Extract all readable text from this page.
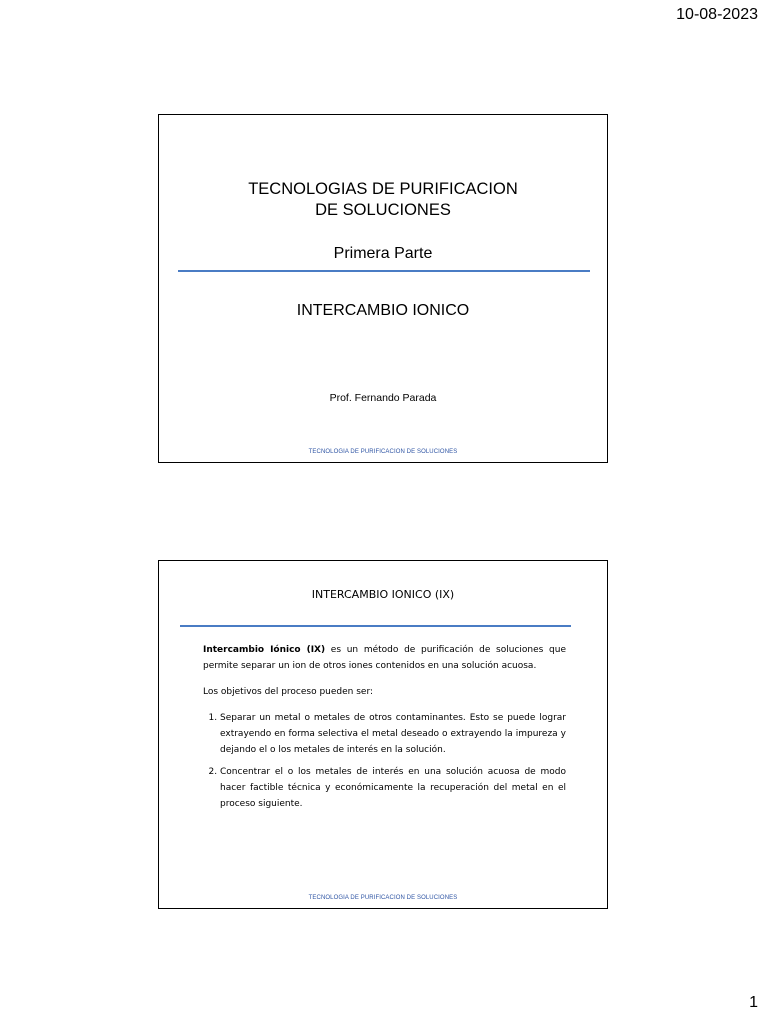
10-08-2023
TECNOLOGIAS DE PURIFICACION
DE SOLUCIONES
Primera Parte
INTERCAMBIO IONICO
Prof. Fernando Parada
TECNOLOGIA DE PURIFICACION DE SOLUCIONES
INTERCAMBIO IONICO (IX)

Intercambio Iónico (IX) es un método de purificación de soluciones que permite separar un ion de otros iones contenidos en una solución acuosa.

Los objetivos del proceso pueden ser:

1. Separar un metal o metales de otros contaminantes. Esto se puede lograr extrayendo en forma selectiva el metal deseado o extrayendo la impureza y dejando el o los metales de interés en la solución.
2. Concentrar el o los metales de interés en una solución acuosa de modo hacer factible técnica y económicamente la recuperación del metal en el proceso siguiente.
TECNOLOGIA DE PURIFICACION DE SOLUCIONES
1
